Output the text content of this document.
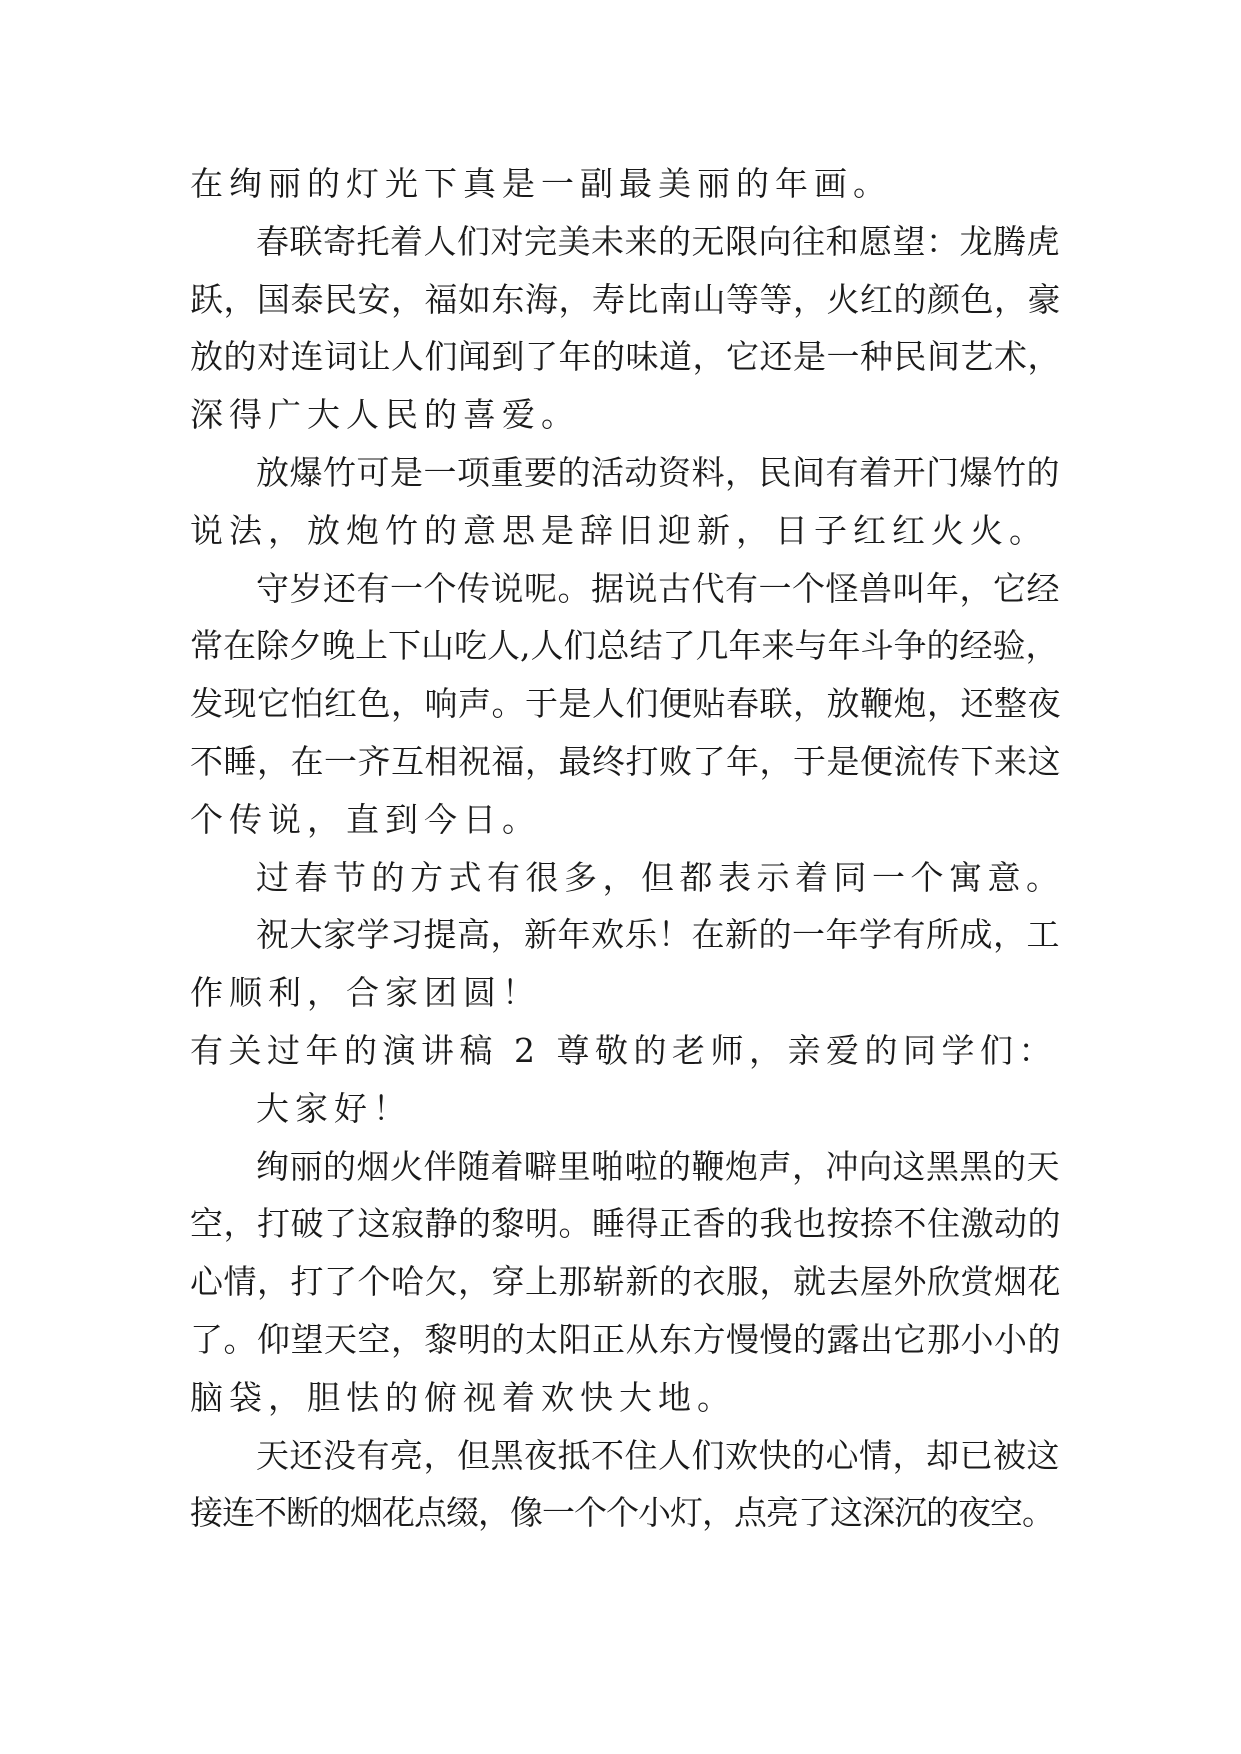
在绚丽的灯光下真是一副最美丽的年画。
春联寄托着人们对完美未来的无限向往和愿望：龙腾虎
跃，国泰民安，福如东海，寿比南山等等，火红的颜色，豪
放的对连词让人们闻到了年的味道，它还是一种民间艺术，
深得广大人民的喜爱。
放爆竹可是一项重要的活动资料，民间有着开门爆竹的
说法，放炮竹的意思是辞旧迎新，日子红红火火。
守岁还有一个传说呢。据说古代有一个怪兽叫年，它经
常在除夕晚上下山吃人,人们总结了几年来与年斗争的经验，
发现它怕红色，响声。于是人们便贴春联，放鞭炮，还整夜
不睡，在一齐互相祝福，最终打败了年，于是便流传下来这
个传说，直到今日。
过春节的方式有很多，但都表示着同一个寓意。
祝大家学习提高，新年欢乐！在新的一年学有所成，工
作顺利，合家团圆！
有关过年的演讲稿 2 尊敬的老师，亲爱的同学们：
大家好！
绚丽的烟火伴随着噼里啪啦的鞭炮声，冲向这黑黑的天
空，打破了这寂静的黎明。睡得正香的我也按捺不住激动的
心情，打了个哈欠，穿上那崭新的衣服，就去屋外欣赏烟花
了。仰望天空，黎明的太阳正从东方慢慢的露出它那小小的
脑袋，胆怯的俯视着欢快大地。
天还没有亮，但黑夜抵不住人们欢快的心情，却已被这
接连不断的烟花点缀，像一个个小灯，点亮了这深沉的夜空。
